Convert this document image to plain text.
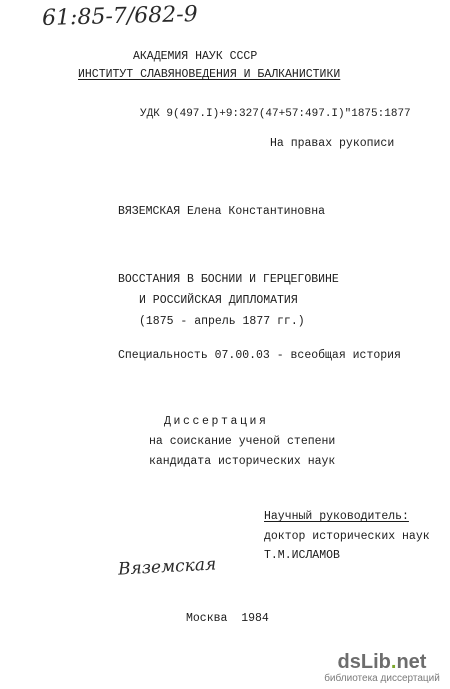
61:85-7/682-9
АКАДЕМИЯ НАУК СССР
ИНСТИТУТ СЛАВЯНОВЕДЕНИЯ И БАЛКАНИСТИКИ
УДК 9(497.I)+9:327(47+57:497.I)"1875:1877
На правах рукописи
ВЯЗЕМСКАЯ Елена Константиновна
ВОССТАНИЯ В БОСНИИ И ГЕРЦЕГОВИНЕ
И РОССИЙСКАЯ ДИПЛОМАТИЯ
(1875 - апрель 1877 гг.)
Специальность 07.00.03 - всеобщая история
Диссертация
на соискание ученой степени
кандидата исторических наук
Научный руководитель:
доктор исторических наук
Т.М.ИСЛАМОВ
Вяземская
Москва  1984
dsLib.net
библиотека диссертаций
